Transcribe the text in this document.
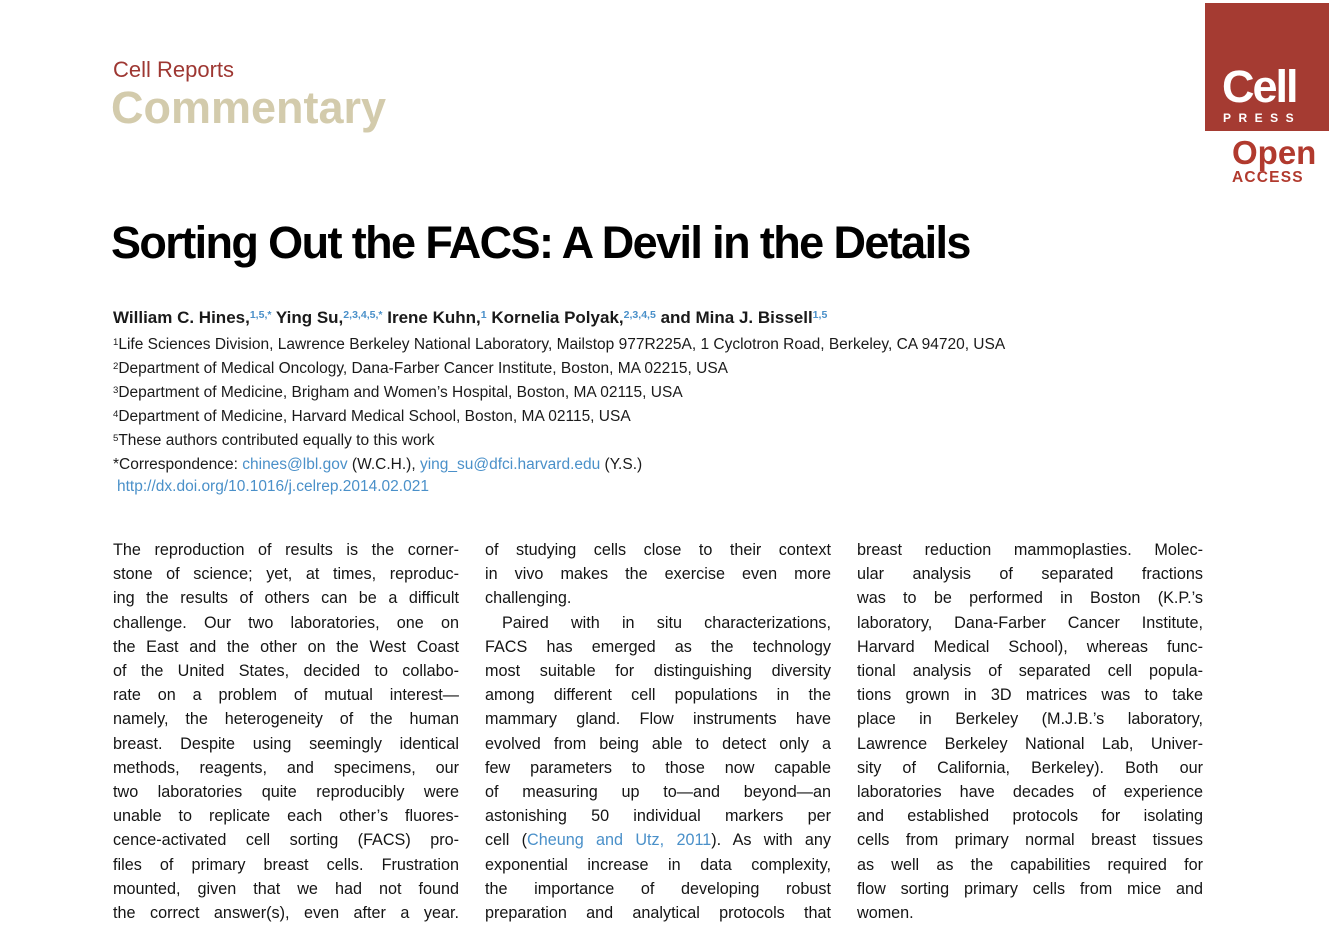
Cell Reports
Commentary	Cell
PRESS
Open
ACCESS
Sorting Out the FACS: A Devil in the Details
William C. Hines,$^{1,5,*}$ Ying Su,$^{2,3,4,5,*}$ Irene Kuhn,$^1$ Kornelia Polyak,$^{2,3,4,5}$ and Mina J. Bissell$^{1,5}$
$^1$Life Sciences Division, Lawrence Berkeley National Laboratory, Mailstop 977R225A, 1 Cyclotron Road, Berkeley, CA 94720, USA
$^2$Department of Medical Oncology, Dana-Farber Cancer Institute, Boston, MA 02215, USA
$^3$Department of Medicine, Brigham and Women’s Hospital, Boston, MA 02115, USA
$^4$Department of Medicine, Harvard Medical School, Boston, MA 02115, USA
$^5$These authors contributed equally to this work
*Correspondence: chines@lbl.gov (W.C.H.), ying_su@dfci.harvard.edu (Y.S.)
http://dx.doi.org/10.1016/j.celrep.2014.02.021
The reproduction of results is the corner-
stone of science; yet, at times, reproduc-
ing the results of others can be a difficult
challenge. Our two laboratories, one on
the East and the other on the West Coast
of the United States, decided to collabo-
rate on a problem of mutual interest—
namely, the heterogeneity of the human
breast. Despite using seemingly identical
methods, reagents, and specimens, our
two laboratories quite reproducibly were
unable to replicate each other’s fluores-
cence-activated cell sorting (FACS) pro-
files of primary breast cells. Frustration
mounted, given that we had not found
the correct answer(s), even after a year.
of studying cells close to their context
in vivo makes the exercise even more
challenging.
Paired with in situ characterizations,
FACS has emerged as the technology
most suitable for distinguishing diversity
among different cell populations in the
mammary gland. Flow instruments have
evolved from being able to detect only a
few parameters to those now capable
of measuring up to—and beyond—an
astonishing 50 individual markers per
cell (Cheung and Utz, 2011). As with any
exponential increase in data complexity,
the importance of developing robust
preparation and analytical protocols that
breast reduction mammoplasties. Molec-
ular analysis of separated fractions
was to be performed in Boston (K.P.’s
laboratory, Dana-Farber Cancer Institute,
Harvard Medical School), whereas func-
tional analysis of separated cell popula-
tions grown in 3D matrices was to take
place in Berkeley (M.J.B.’s laboratory,
Lawrence Berkeley National Lab, Univer-
sity of California, Berkeley). Both our
laboratories have decades of experience
and established protocols for isolating
cells from primary normal breast tissues
as well as the capabilities required for
flow sorting primary cells from mice and
women.
